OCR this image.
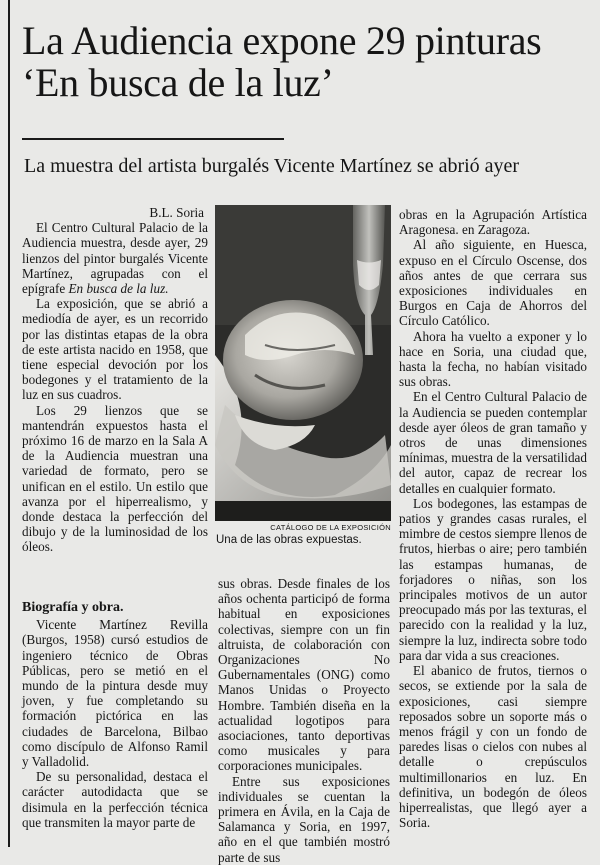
La Audiencia expone 29 pinturas ‘En busca de la luz’
La muestra del artista burgalés Vicente Martínez se abrió ayer

B.L. Soria

El Centro Cultural Palacio de la Audiencia muestra, desde ayer, 29 lienzos del pintor burgalés Vicente Martínez, agrupadas con el epígrafe En busca de la luz.

La exposición, que se abrió a mediodía de ayer, es un recorrido por las distintas etapas de la obra de este artista nacido en 1958, que tiene especial devoción por los bodegones y el tratamiento de la luz en sus cuadros.

Los 29 lienzos que se mantendrán expuestos hasta el próximo 16 de marzo en la Sala A de la Audiencia muestran una variedad de formato, pero se unifican en el estilo. Un estilo que avanza por el hiperrealismo, y donde destaca la perfección del dibujo y de la luminosidad de los óleos.

Biografía y obra.

Vicente Martínez Revilla (Burgos, 1958) cursó estudios de ingeniero técnico de Obras Públicas, pero se metió en el mundo de la pintura desde muy joven, y fue completando su formación pictórica en las ciudades de Barcelona, Bilbao como discípulo de Alfonso Ramil y Valladolid.

De su personalidad, destaca el carácter autodidacta que se disimula en la perfección técnica que transmiten la mayor parte de

CATÁLOGO DE LA EXPOSICIÓN
Una de las obras expuestas.

sus obras. Desde finales de los años ochenta participó de forma habitual en exposiciones colectivas, siempre con un fin altruista, de colaboración con Organizaciones No Gubernamentales (ONG) como Manos Unidas o Proyecto Hombre. También diseña en la actualidad logotipos para asociaciones, tanto deportivas como musicales y para corporaciones municipales.

Entre sus exposiciones individuales se cuentan la primera en Ávila, en la Caja de Salamanca y Soria, en 1997, año en el que también mostró parte de sus

obras en la Agrupación Artística Aragonesa. en Zaragoza.

Al año siguiente, en Huesca, expuso en el Círculo Oscense, dos años antes de que cerrara sus exposiciones individuales en Burgos en Caja de Ahorros del Círculo Católico.

Ahora ha vuelto a exponer y lo hace en Soria, una ciudad que, hasta la fecha, no habían visitado sus obras.

En el Centro Cultural Palacio de la Audiencia se pueden contemplar desde ayer óleos de gran tamaño y otros de unas dimensiones mínimas, muestra de la versatilidad del autor, capaz de recrear los detalles en cualquier formato.

Los bodegones, las estampas de patios y grandes casas rurales, el mimbre de cestos siempre llenos de frutos, hierbas o aire; pero también las estampas humanas, de forjadores o niñas, son los principales motivos de un autor preocupado más por las texturas, el parecido con la realidad y la luz, siempre la luz, indirecta sobre todo para dar vida a sus creaciones.

El abanico de frutos, tiernos o secos, se extiende por la sala de exposiciones, casi siempre reposados sobre un soporte más o menos frágil y con un fondo de paredes lisas o cielos con nubes al detalle o crepúsculos multimillonarios en luz. En definitiva, un bodegón de óleos hiperrealistas, que llegó ayer a Soria.
